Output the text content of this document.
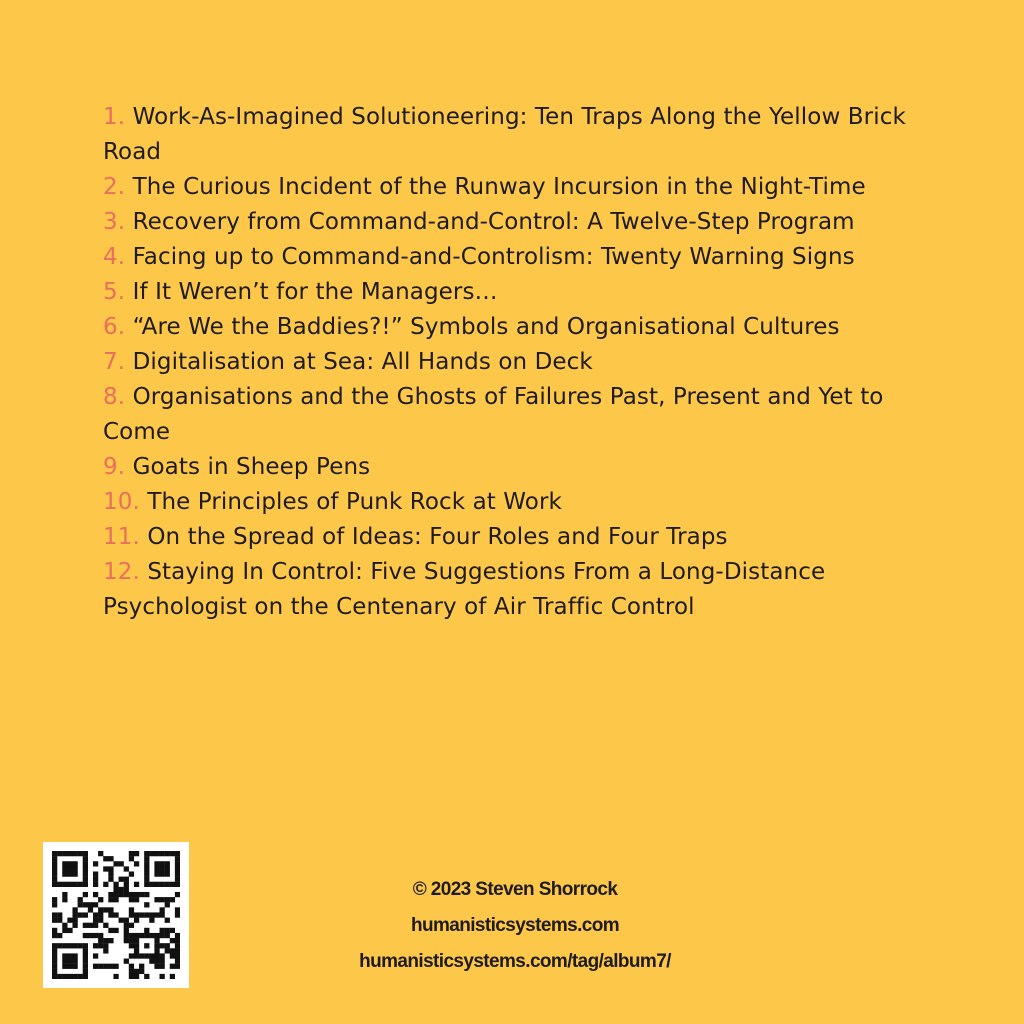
1. Work-As-Imagined Solutioneering: Ten Traps Along the Yellow Brick Road
2. The Curious Incident of the Runway Incursion in the Night-Time
3. Recovery from Command-and-Control: A Twelve-Step Program
4. Facing up to Command-and-Controlism: Twenty Warning Signs
5. If It Weren’t for the Managers…
6. “Are We the Baddies?!” Symbols and Organisational Cultures
7. Digitalisation at Sea: All Hands on Deck
8. Organisations and the Ghosts of Failures Past, Present and Yet to Come
9. Goats in Sheep Pens
10. The Principles of Punk Rock at Work
11. On the Spread of Ideas: Four Roles and Four Traps
12. Staying In Control: Five Suggestions From a Long-Distance Psychologist on the Centenary of Air Traffic Control
© 2023 Steven Shorrock
humanisticsystems.com
humanisticsystems.com/tag/album7/
